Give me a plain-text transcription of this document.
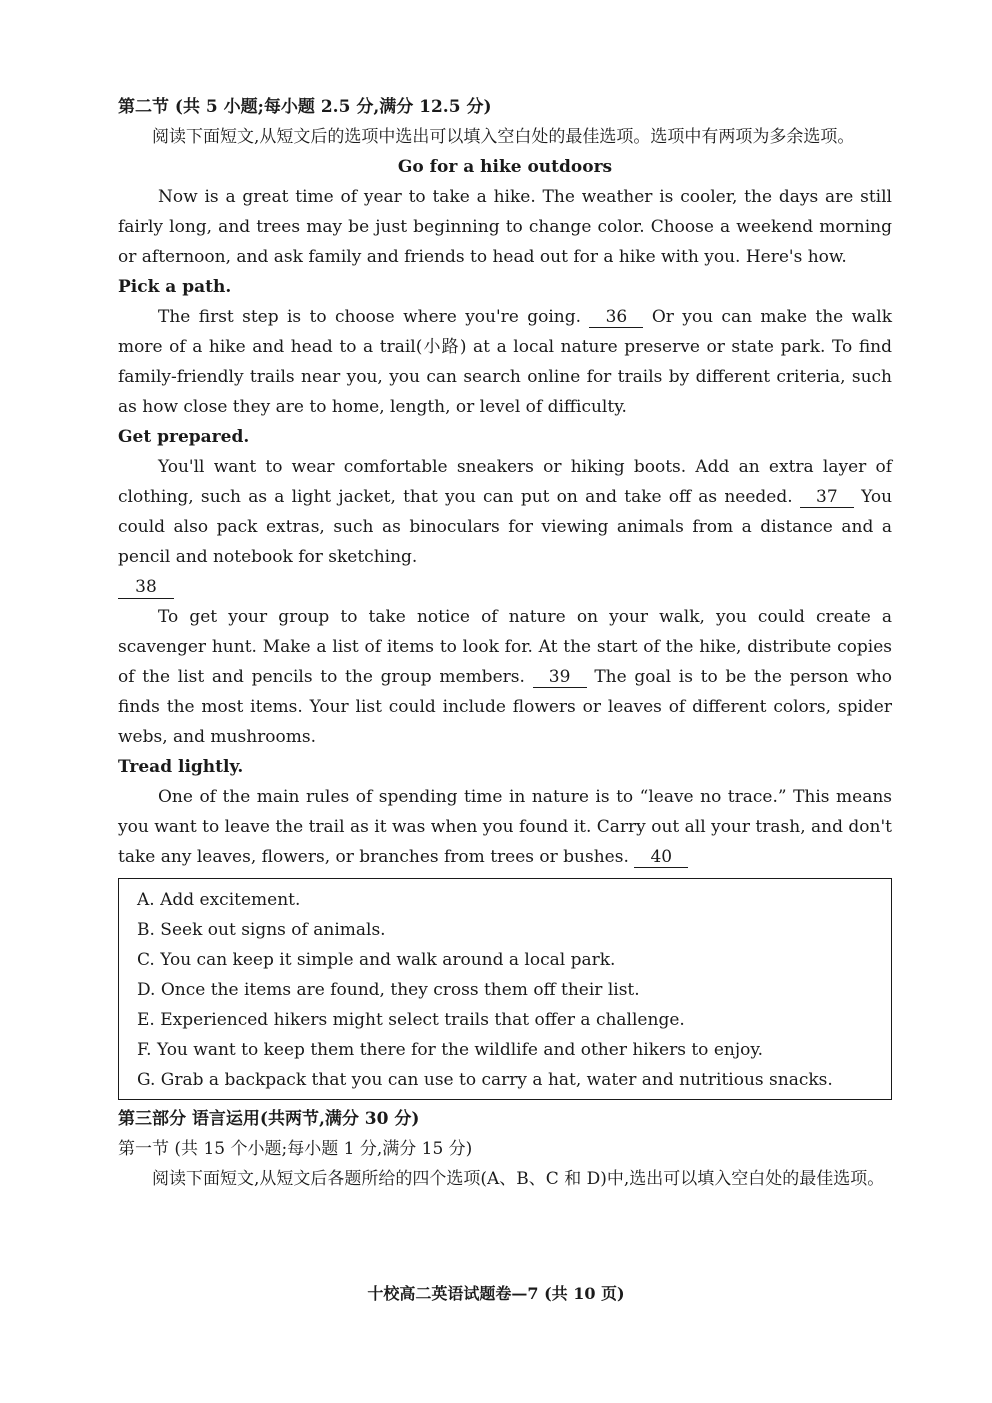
第二节 (共 5 小题;每小题 2.5 分,满分 12.5 分)

阅读下面短文,从短文后的选项中选出可以填入空白处的最佳选项。选项中有两项为多余选项。

Go for a hike outdoors

Now is a great time of year to take a hike. The weather is cooler, the days are still fairly long, and trees may be just beginning to change color. Choose a weekend morning or afternoon, and ask family and friends to head out for a hike with you. Here's how.

Pick a path.

The first step is to choose where you're going. 36 Or you can make the walk more of a hike and head to a trail(小路) at a local nature preserve or state park. To find family-friendly trails near you, you can search online for trails by different criteria, such as how close they are to home, length, or level of difficulty.

Get prepared.

You'll want to wear comfortable sneakers or hiking boots. Add an extra layer of clothing, such as a light jacket, that you can put on and take off as needed. 37 You could also pack extras, such as binoculars for viewing animals from a distance and a pencil and notebook for sketching.

38

To get your group to take notice of nature on your walk, you could create a scavenger hunt. Make a list of items to look for. At the start of the hike, distribute copies of the list and pencils to the group members. 39 The goal is to be the person who finds the most items. Your list could include flowers or leaves of different colors, spider webs, and mushrooms.

Tread lightly.

One of the main rules of spending time in nature is to “leave no trace.” This means you want to leave the trail as it was when you found it. Carry out all your trash, and don't take any leaves, flowers, or branches from trees or bushes. 40

A. Add excitement.
B. Seek out signs of animals.
C. You can keep it simple and walk around a local park.
D. Once the items are found, they cross them off their list.
E. Experienced hikers might select trails that offer a challenge.
F. You want to keep them there for the wildlife and other hikers to enjoy.
G. Grab a backpack that you can use to carry a hat, water and nutritious snacks.

第三部分 语言运用(共两节,满分 30 分)

第一节 (共 15 个小题;每小题 1 分,满分 15 分)

阅读下面短文,从短文后各题所给的四个选项(A、B、C 和 D)中,选出可以填入空白处的最佳选项。

十校高二英语试题卷—7 (共 10 页)
